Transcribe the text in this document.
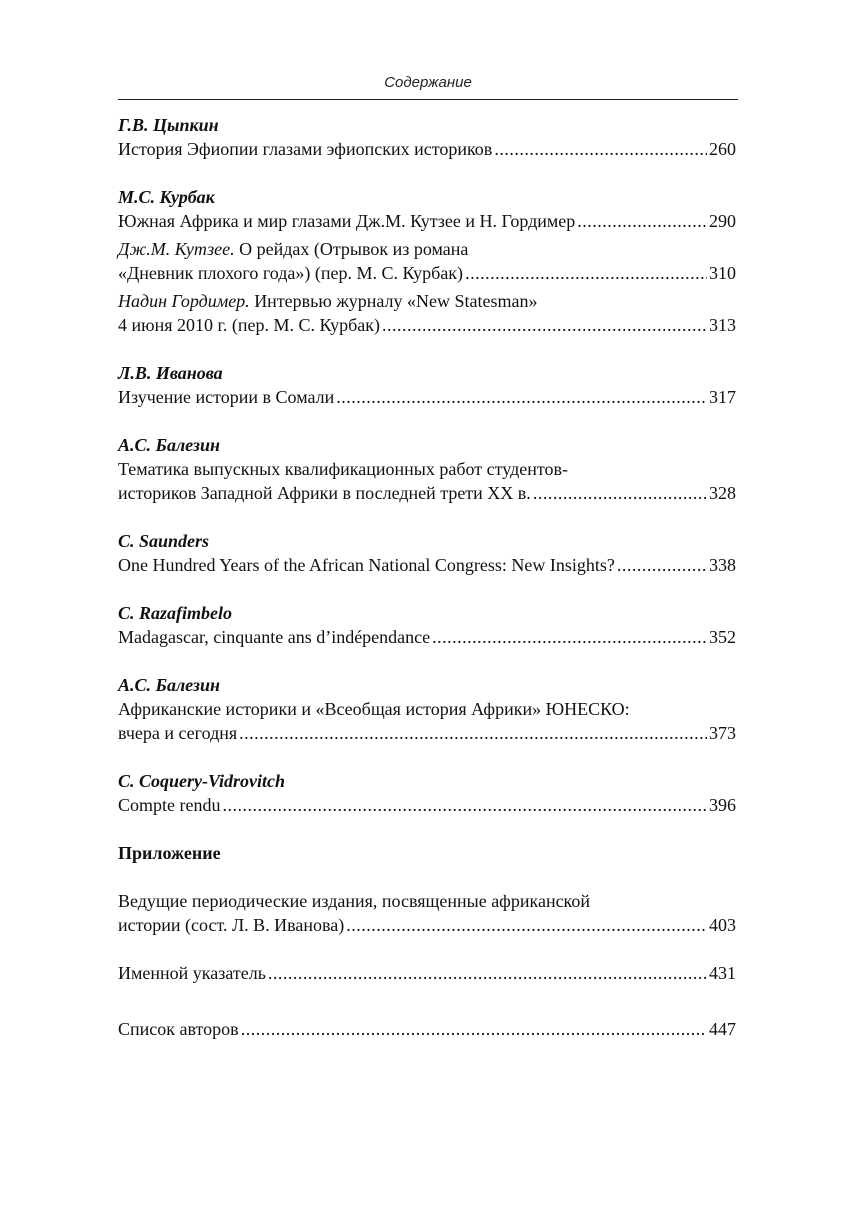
Содержание
Г.В. Цыпкин
История Эфиопии глазами эфиопских историков .....	260
М.С. Курбак
Южная Африка и мир глазами Дж.М. Кутзее и Н. Гордимер .....	290
Дж.М. Кутзее. О рейдах (Отрывок из романа
«Дневник плохого года») (пер. М. С. Курбак) .....	310
Надин Гордимер. Интервью журналу «New Statesman»
4 июня 2010 г. (пер. М. С. Курбак) .....	313
Л.В. Иванова
Изучение истории в Сомали .....	317
А.С. Балезин
Тематика выпускных квалификационных работ студентов-
историков Западной Африки в последней трети XX в. .....	328
C. Saunders
One Hundred Years of the African National Congress: New Insights? .....	338
C. Razafimbelo
Madagascar, cinquante ans d’indépendance .....	352
А.С. Балезин
Африканские историки и «Всеобщая история Африки» ЮНЕСКО:
вчера и сегодня .....	373
C. Coquery-Vidrovitch
Compte rendu .....	396
Приложение
Ведущие периодические издания, посвященные африканской
истории (сост. Л. В. Иванова) .....	403
Именной указатель .....	431
Список авторов .....	447
